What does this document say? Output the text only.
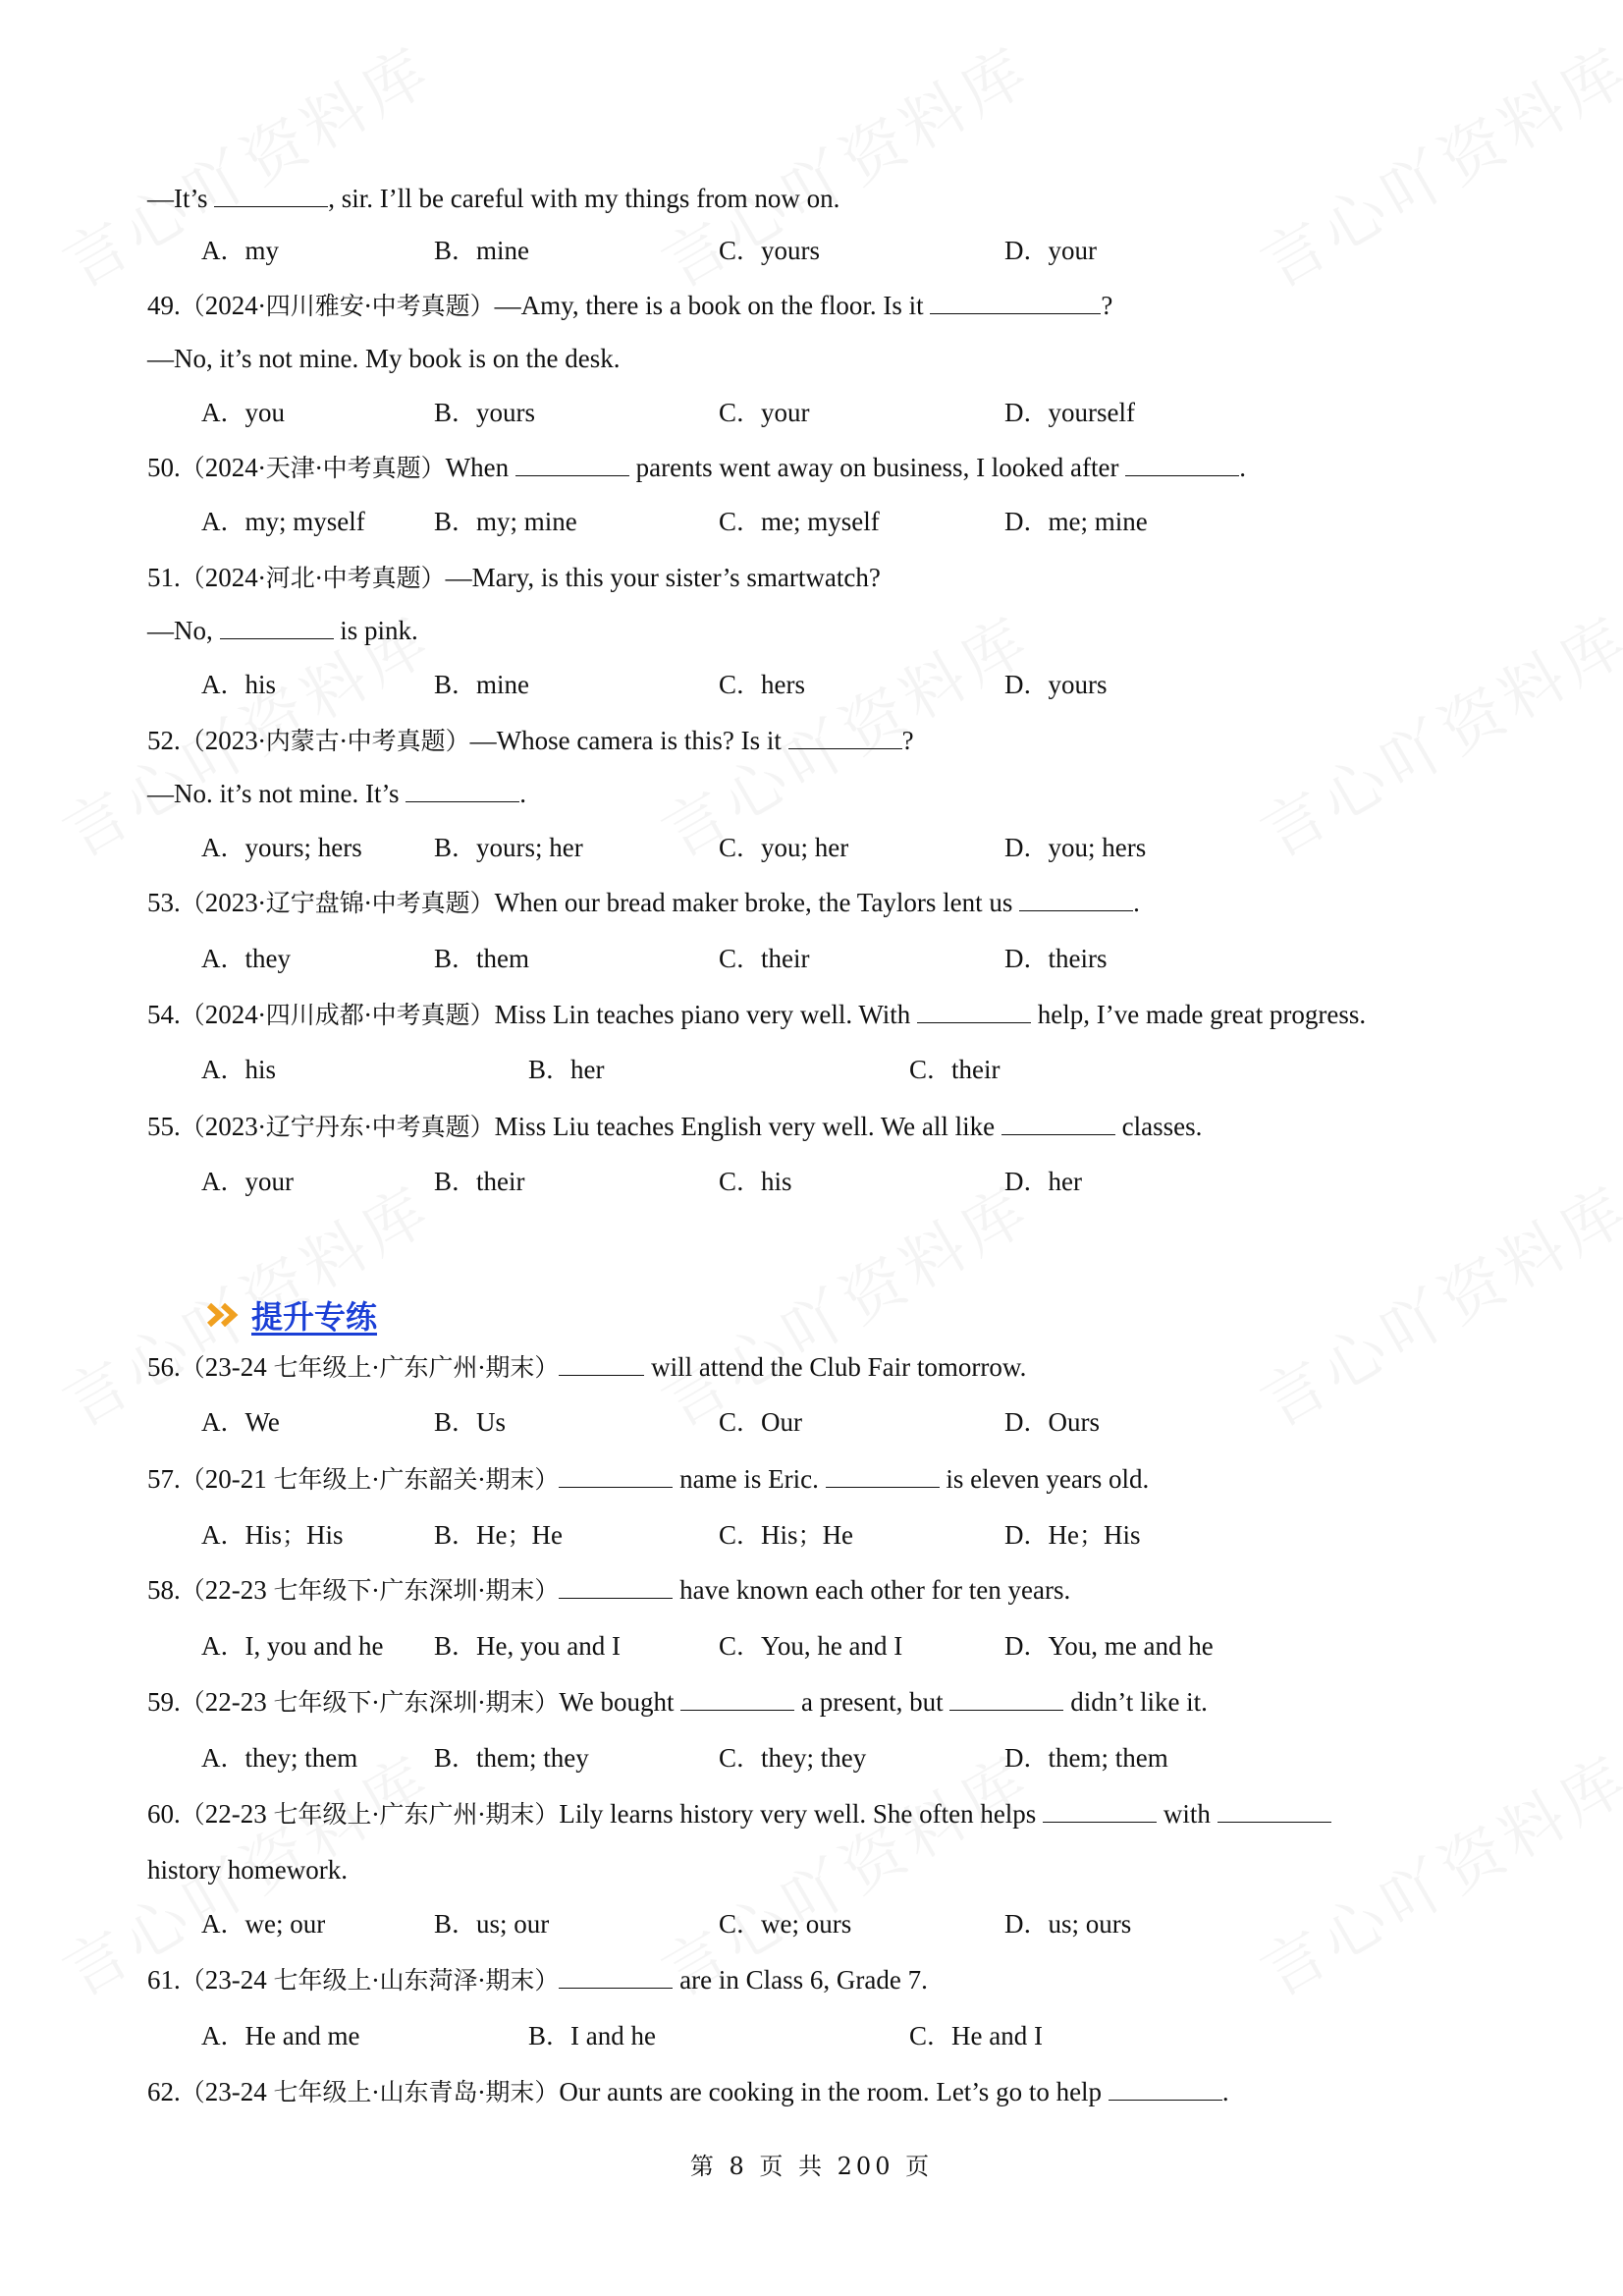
—It’s	, sir. I’ll be careful with my things from now on.
A．my	B．mine	C．yours	D．your
49.（2024·四川雅安·中考真题）—Amy, there is a book on the floor. Is it	?
—No, it’s not mine. My book is on the desk.
A．you	B．yours	C．your	D．yourself
50.（2024·天津·中考真题）When	parents went away on business, I looked after	.
A．my; myself	B．my; mine	C．me; myself	D．me; mine
51.（2024·河北·中考真题）—Mary, is this your sister’s smartwatch?
—No,	is pink.
A．his	B．mine	C．hers	D．yours
52.（2023·内蒙古·中考真题）—Whose camera is this? Is it	?
—No. it’s not mine. It’s	.
A．yours; hers	B．yours; her	C．you; her	D．you; hers
53.（2023·辽宁盘锦·中考真题）When our bread maker broke, the Taylors lent us	.
A．they	B．them	C．their	D．theirs
54.（2024·四川成都·中考真题）Miss Lin teaches piano very well. With	help, I’ve made great progress.
A．his	B．her	C．their
55.（2023·辽宁丹东·中考真题）Miss Liu teaches English very well. We all like	classes.
A．your	B．their	C．his	D．her
提升专练
56.（23-24 七年级上·广东广州·期末）	will attend the Club Fair tomorrow.
A．We	B．Us	C．Our	D．Ours
57.（20-21 七年级上·广东韶关·期末）	name is Eric.	is eleven years old.
A．His；His	B．He；He	C．His；He	D．He；His
58.（22-23 七年级下·广东深圳·期末）	have known each other for ten years.
A．I, you and he B．He, you and I	C．You, he and I	D．You, me and he
59.（22-23 七年级下·广东深圳·期末）We bought	a present, but	didn’t like it.
A．they; them	B．them; they	C．they; they	D．them; them
60.（22-23 七年级上·广东广州·期末）Lily learns history very well. She often helps	with
history homework.
A．we; our	B．us; our	C．we; ours	D．us; ours
61.（23-24 七年级上·山东菏泽·期末）	are in Class 6, Grade 7.
A．He and me	B．I and he	C．He and I
62.（23-24 七年级上·山东青岛·期末）Our aunts are cooking in the room. Let’s go to help	.
第 8 页 共 200 页
